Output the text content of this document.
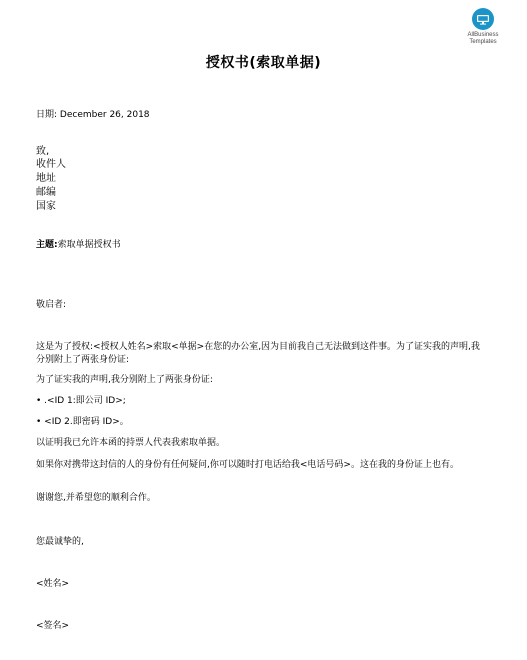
AllBusiness
Templates
授权书(索取单据)
日期: December 26, 2018
致,
收件人
地址
邮编
国家
主题:索取单据授权书
敬启者:
这是为了授权:<授权人姓名>索取<单据>在您的办公室,因为目前我自己无法做到这件事。为了证实我的声明,我分别附上了两张身份证:
为了证实我的声明,我分别附上了两张身份证:
• .<ID 1:即公司 ID>;
• <ID 2.即密码 ID>。
以证明我已允许本函的持票人代表我索取单据。
如果你对携带这封信的人的身份有任何疑问,你可以随时打电话给我<电话号码>。这在我的身份证上也有。
谢谢您,并希望您的顺利合作。
您最诚挚的,
<姓名>
<签名>
